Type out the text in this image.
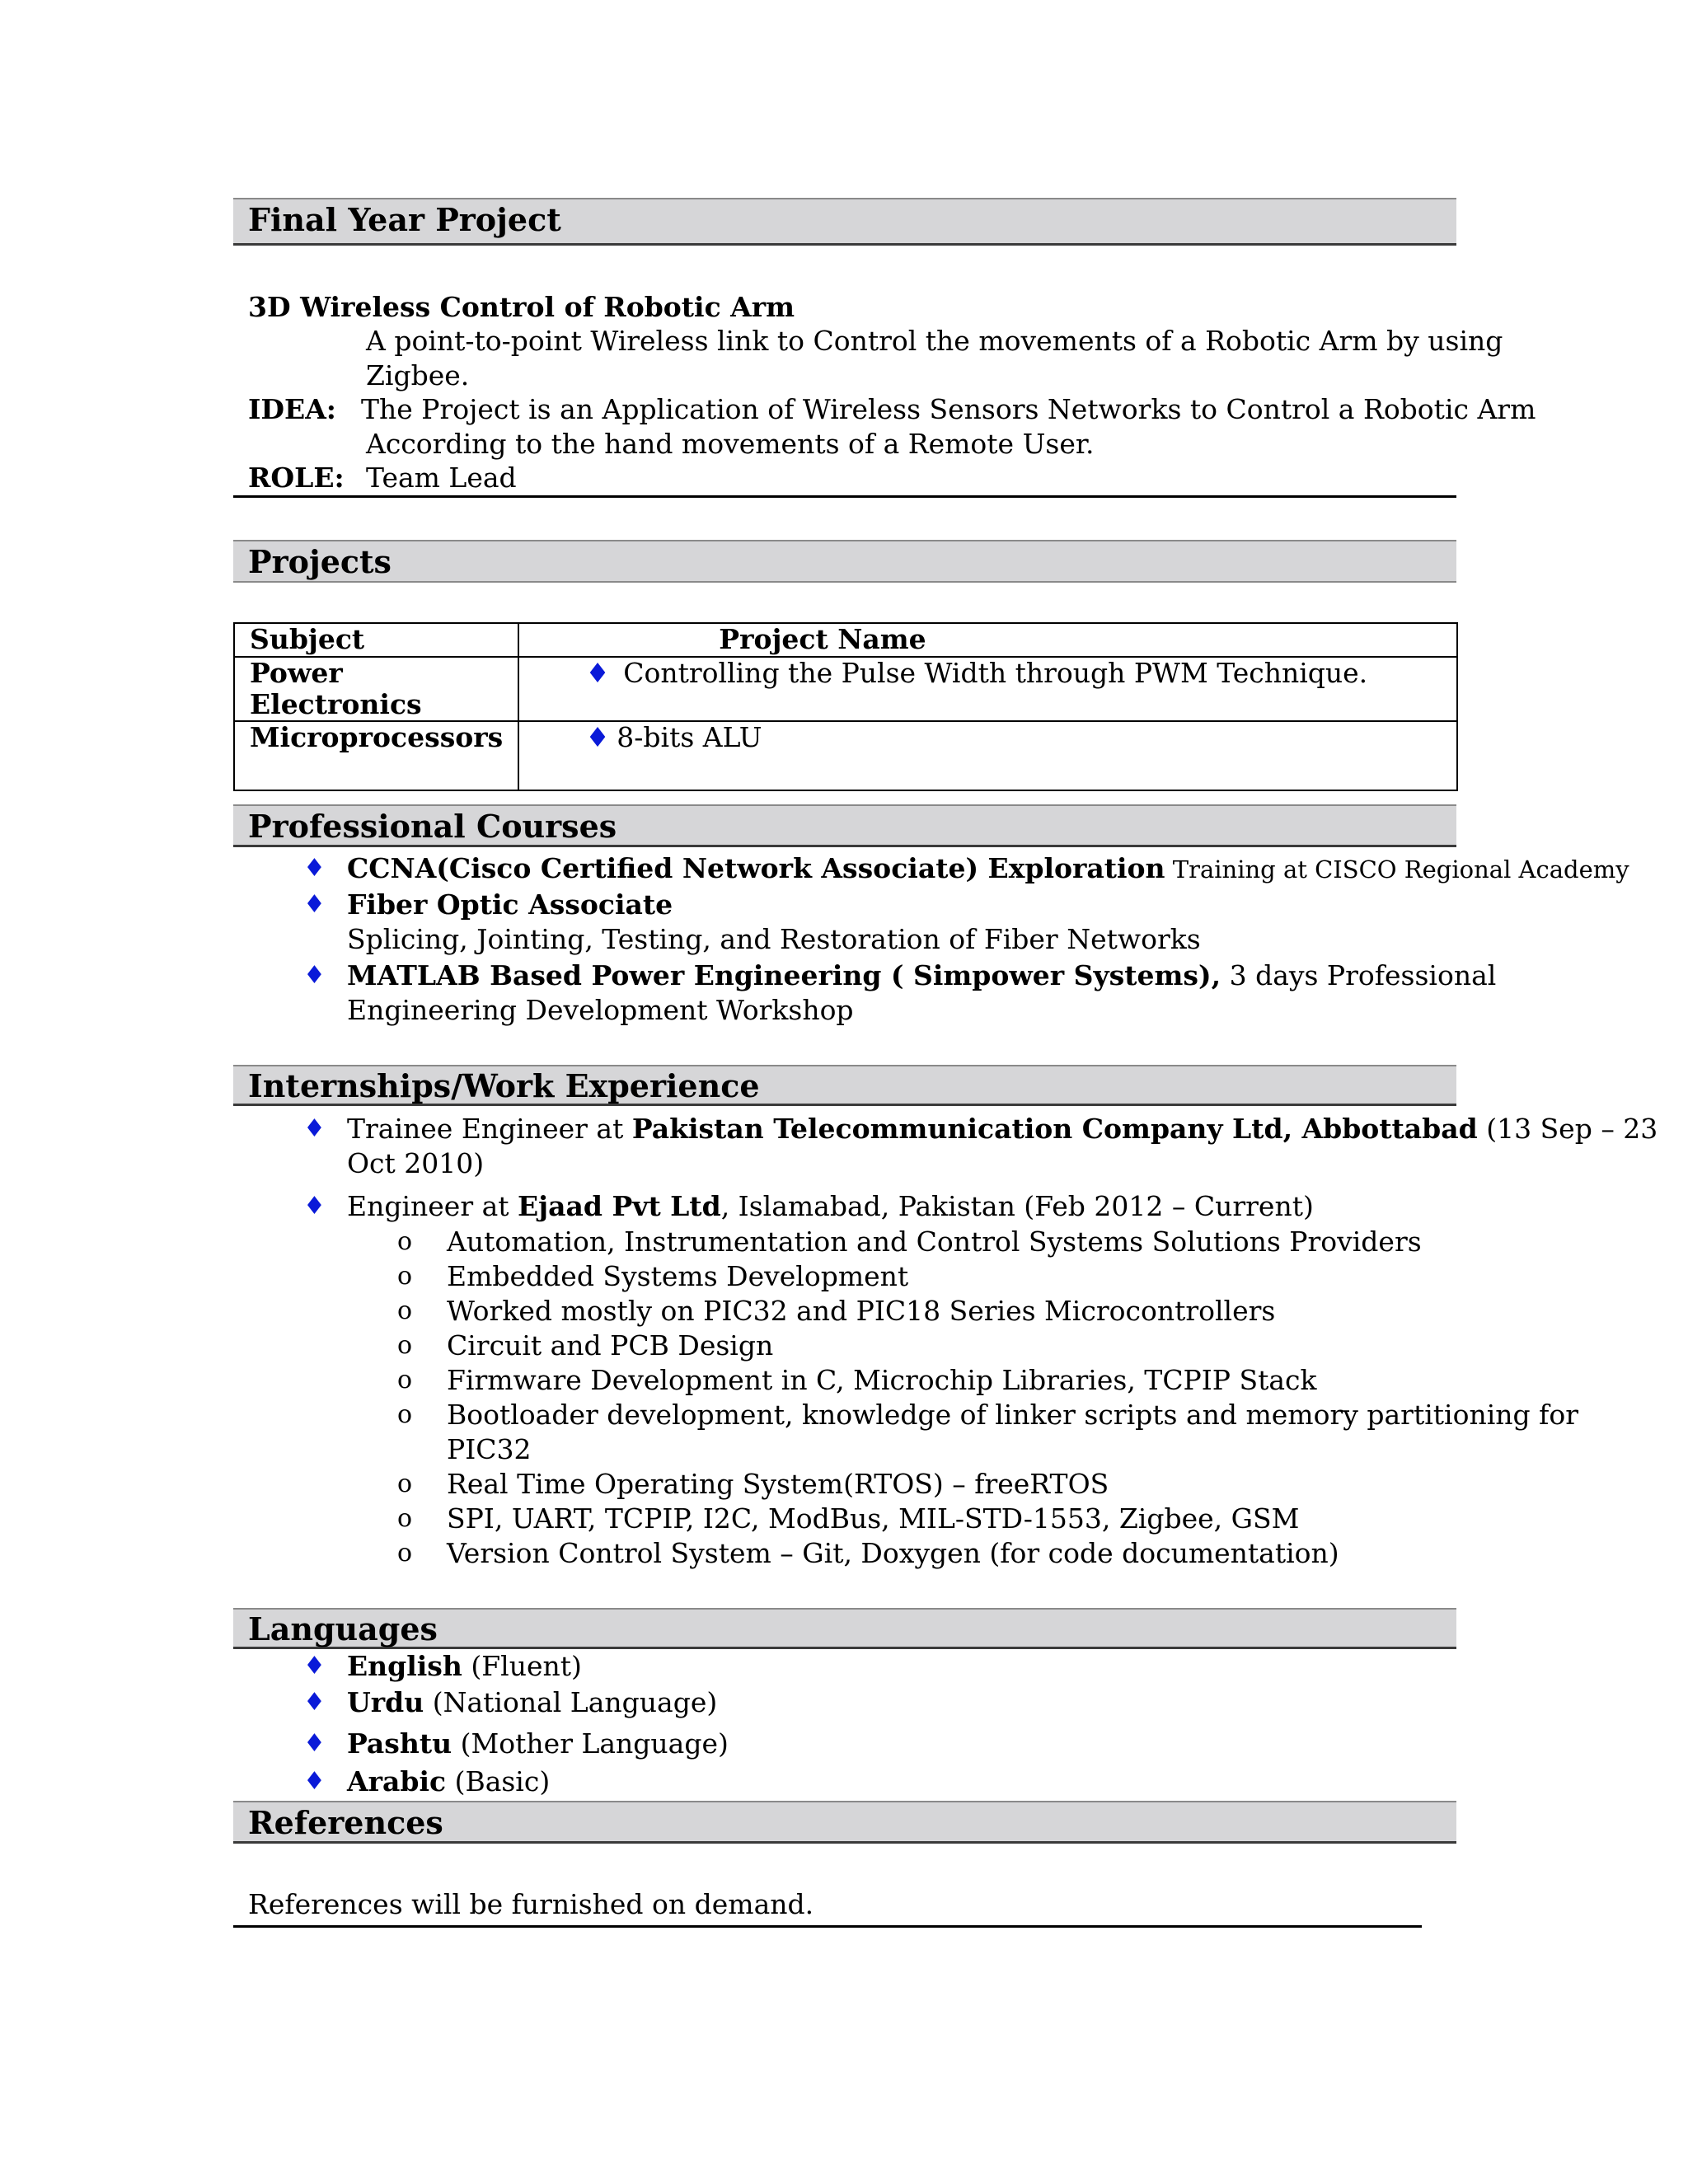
Final Year Project
3D Wireless Control of Robotic Arm
A point-to-point Wireless link to Control the movements of a Robotic Arm by using
Zigbee.
IDEA: The Project is an Application of Wireless Sensors Networks to Control a Robotic Arm
According to the hand movements of a Remote User.
ROLE: Team Lead
Projects
Subject	Project Name
Power Electronics	♦ Controlling the Pulse Width through PWM Technique.
Microprocessors	♦ 8-bits ALU
Professional Courses
♦ CCNA(Cisco Certified Network Associate) Exploration Training at CISCO Regional Academy
♦ Fiber Optic Associate
Splicing, Jointing, Testing, and Restoration of Fiber Networks
♦ MATLAB Based Power Engineering ( Simpower Systems), 3 days Professional
Engineering Development Workshop
Internships/Work Experience
♦ Trainee Engineer at Pakistan Telecommunication Company Ltd, Abbottabad (13 Sep – 23
Oct 2010)
♦ Engineer at Ejaad Pvt Ltd, Islamabad, Pakistan (Feb 2012 – Current)
o Automation, Instrumentation and Control Systems Solutions Providers
o Embedded Systems Development
o Worked mostly on PIC32 and PIC18 Series Microcontrollers
o Circuit and PCB Design
o Firmware Development in C, Microchip Libraries, TCPIP Stack
o Bootloader development, knowledge of linker scripts and memory partitioning for
PIC32
o Real Time Operating System(RTOS) – freeRTOS
o SPI, UART, TCPIP, I2C, ModBus, MIL-STD-1553, Zigbee, GSM
o Version Control System – Git, Doxygen (for code documentation)
Languages
♦ English (Fluent)
♦ Urdu (National Language)
♦ Pashtu (Mother Language)
♦ Arabic (Basic)
References
References will be furnished on demand.
